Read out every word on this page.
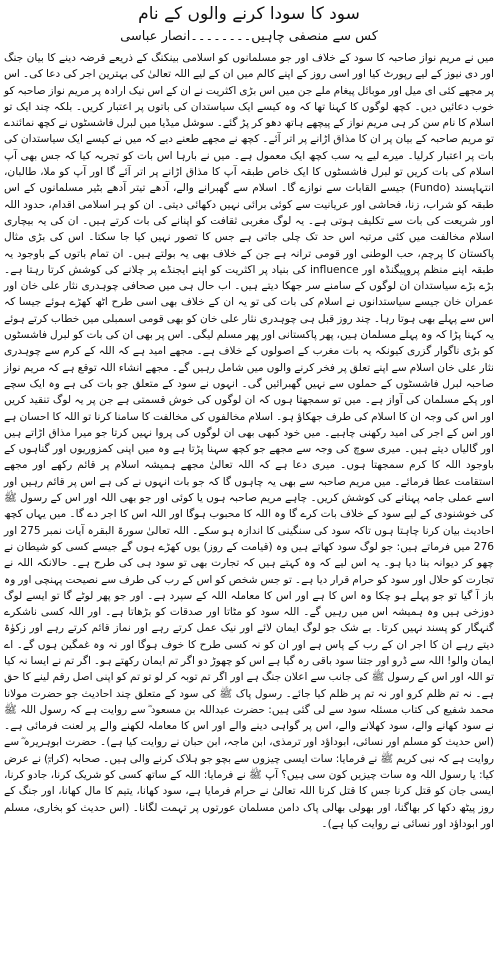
سود کا سودا کرنے والوں کے نام
کس سے منصفی چاہیں۔۔۔۔۔۔۔۔انصار عباسی

میں نے مریم نواز صاحبہ کا سود کے خلاف اور جو مسلمانوں کو اسلامی بینکنگ کے ذریعے قرضہ دینے کا بیان جنگ اور دی نیوز کے لیے رپورٹ کیا اور اسی روز کے اپنے کالم میں ان کے لیے اللہ تعالیٰ کی بہترین اجر کی دعا کی۔ اس پر مجھے کئی ای میل اور موبائل پیغام ملے جن میں اس بڑی اکثریت نے ان کے اس نیک ارادہ پر مریم نواز صاحبہ کو خوب دعائیں دیں۔ کچھ لوگوں کا کہنا تھا کہ وہ کیسے ایک سیاستدان کی باتوں پر اعتبار کریں۔ بلکہ چند ایک تو اسلام کا نام سن کر ہی مریم نواز کے پیچھے ہاتھ دھو کر پڑ گئے۔ سوشل میڈیا میں لبرل فاشسٹوں نے کچھ نمائندے تو مریم صاحبہ کے بیان پر ان کا مذاق اڑانے پر اتر آئے۔ کچھ نے مجھے طعنے دیے کہ میں نے کیسے ایک سیاستدان کی بات پر اعتبار کرلیا۔ میرے لیے یہ سب کچھ ایک معمول ہے۔ میں نے بارہا اس بات کو تجربہ کیا کہ جس بھی آپ اسلام کی بات کریں تو لبرل فاشسٹوں کا ایک خاص طبقہ آپ کا مذاق اڑانے پر اتر آئے گا اور آپ کو ملا، طالبان، انتہاپسند (Fundo) جیسے القابات سے نوازے گا۔ اسلام سے گھبرانے والے، آدھے تیتر آدھے بٹیر مسلمانوں کے اس طبقہ کو شراب، زنا، فحاشی اور عریانیت سے کوئی برائی نہیں دکھائی دیتی۔ ان کو ہر اسلامی اقدام، حدود اللہ اور شریعت کی بات سے تکلیف ہوتی ہے۔ یہ لوگ مغربی ثقافت کو اپنانے کی بات کرتے ہیں۔ ان کی یہ بیچاری اسلام مخالفت میں کئی مرتبہ اس حد تک چلی جاتی ہے جس کا تصور نہیں کیا جا سکتا۔ اس کی بڑی مثال پاکستان کا پرچم، حب الوطنی اور قومی ترانہ ہے جن کے خلاف بھی یہ بولتے ہیں۔ ان تمام باتوں کے باوجود یہ طبقہ اپنے منظم پروپیگنڈہ اور influence کی بنیاد پر اکثریت کو اپنے ایجنڈے پر چلانے کی کوشش کرتا رہتا ہے۔ بڑے بڑے سیاستدان ان لوگوں کے سامنے سر جھکا دیتے ہیں۔ اب حال ہی میں صحافی چوہدری نثار علی خان اور عمران خان جیسے سیاستدانوں نے اسلام کی بات کی تو یہ ان کے خلاف بھی اسی طرح اٹھ کھڑے ہوئے جیسا کہ اس سے پہلے بھی ہوتا رہا۔ چند روز قبل ہی چوہدری نثار علی خان کو بھی قومی اسمبلی میں خطاب کرتے ہوئے یہ کہنا پڑا کہ وہ پہلے مسلمان ہیں، پھر پاکستانی اور پھر مسلم لیگی۔ اس پر بھی ان کی بات کو لبرل فاشسٹوں کو بڑی ناگوار گزری کیونکہ یہ بات مغرب کے اصولوں کے خلاف ہے۔ مجھے امید ہے کہ اللہ کے کرم سے چوہدری نثار علی خان اسلام سے اپنے تعلق پر فخر کرنے والوں میں شامل رہیں گے۔ مجھے انشاء اللہ توقع ہے کہ مریم نواز صاحبہ لبرل فاشسٹوں کے حملوں سے نہیں گھبرائیں گی۔ انہوں نے سود کے متعلق جو بات کی ہے وہ ایک سچے اور پکے مسلمان کی آواز ہے۔ میں تو سمجھتا ہوں کہ ان لوگوں کی خوش قسمتی ہے جن پر یہ لوگ تنقید کریں اور اس کی وجہ ان کا اسلام کی طرف جھکاؤ ہو۔ اسلام مخالفوں کی مخالفت کا سامنا کرنا تو اللہ کا احسان ہے اور اس کے اجر کی امید رکھنی چاہیے۔ میں خود کبھی بھی ان لوگوں کی پروا نہیں کرتا جو میرا مذاق اڑاتے ہیں اور گالیاں دیتے ہیں۔ میری سوچ کی وجہ سے مجھے جو کچھ سہنا پڑتا ہے وہ میں اپنی کمزوریوں اور گناہوں کے باوجود اللہ کا کرم سمجھتا ہوں۔ میری دعا ہے کہ اللہ تعالیٰ مجھے ہمیشہ اسلام پر قائم رکھے اور مجھے استقامت عطا فرمائے۔ میں مریم صاحبہ سے بھی یہ چاہوں گا کہ جو بات انہوں نے کی ہے اس پر قائم رہیں اور اسے عملی جامہ پہنانے کی کوشش کریں۔ چاہے مریم صاحبہ ہوں یا کوئی اور جو بھی اللہ اور اس کے رسول ﷺ کی خوشنودی کے لیے سود کے خلاف بات کرے گا وہ اللہ کا محبوب ہوگا اور اللہ اس کا اجر دے گا۔ میں یہاں کچھ احادیث بیان کرنا چاہتا ہوں تاکہ سود کی سنگینی کا اندازہ ہو سکے۔ اللہ تعالیٰ سورۃ البقرہ آیات نمبر 275 اور 276 میں فرماتے ہیں: جو لوگ سود کھاتے ہیں وہ (قیامت کے روز) یوں کھڑے ہوں گے جیسے کسی کو شیطان نے چھو کر دیوانہ بنا دیا ہو۔ یہ اس لیے کہ وہ کہتے ہیں کہ تجارت بھی تو سود ہی کی طرح ہے۔ حالانکہ اللہ نے تجارت کو حلال اور سود کو حرام قرار دیا ہے۔ تو جس شخص کو اس کے رب کی طرف سے نصیحت پہنچی اور وہ باز آ گیا تو جو پہلے ہو چکا وہ اس کا ہے اور اس کا معاملہ اللہ کے سپرد ہے۔ اور جو پھر لوٹے گا تو ایسے لوگ دوزخی ہیں وہ ہمیشہ اس میں رہیں گے۔ اللہ سود کو مٹاتا اور صدقات کو بڑھاتا ہے۔ اور اللہ کسی ناشکرے گنہگار کو پسند نہیں کرتا۔ بے شک جو لوگ ایمان لائے اور نیک عمل کرتے رہے اور نماز قائم کرتے رہے اور زکوٰۃ دیتے رہے ان کا اجر ان کے رب کے پاس ہے اور ان کو نہ کسی طرح کا خوف ہوگا اور نہ وہ غمگین ہوں گے۔ اے ایمان والو! اللہ سے ڈرو اور جتنا سود باقی رہ گیا ہے اس کو چھوڑ دو اگر تم ایمان رکھتے ہو۔ اگر تم نے ایسا نہ کیا تو اللہ اور اس کے رسول ﷺ کی جانب سے اعلان جنگ ہے اور اگر تم توبہ کر لو تو تم کو اپنی اصل رقم لینے کا حق ہے۔ نہ تم ظلم کرو اور نہ تم پر ظلم کیا جائے۔ رسول پاک ﷺ کی سود کے متعلق چند احادیث جو حضرت مولانا محمد شفیع کی کتاب مسئلہ سود سے لی گئی ہیں: حضرت عبداللہ بن مسعود ؓ سے روایت ہے کہ رسول اللہ ﷺ نے سود کھانے والے، سود کھلانے والے، اس پر گواہی دینے والے اور اس کا معاملہ لکھنے والے پر لعنت فرمائی ہے۔ (اس حدیث کو مسلم اور نسائی، ابوداؤد اور ترمذی، ابن ماجہ، ابن حبان نے روایت کیا ہے)۔ حضرت ابوہریرہ ؓ سے روایت ہے کہ نبی کریم ﷺ نے فرمایا: سات ایسی چیزوں سے بچو جو ہلاک کرنے والی ہیں۔ صحابہ (کرامؓ) نے عرض کیا: یا رسول اللہ وہ سات چیزیں کون سی ہیں؟ آپ ﷺ نے فرمایا: اللہ کے ساتھ کسی کو شریک کرنا، جادو کرنا، ایسی جان کو قتل کرنا جس کا قتل کرنا اللہ تعالیٰ نے حرام فرمایا ہے، سود کھانا، یتیم کا مال کھانا، اور جنگ کے روز پیٹھ دکھا کر بھاگنا، اور بھولی بھالی پاک دامن مسلمان عورتوں پر تہمت لگانا۔ (اس حدیث کو بخاری، مسلم اور ابوداؤد اور نسائی نے روایت کیا ہے)۔
